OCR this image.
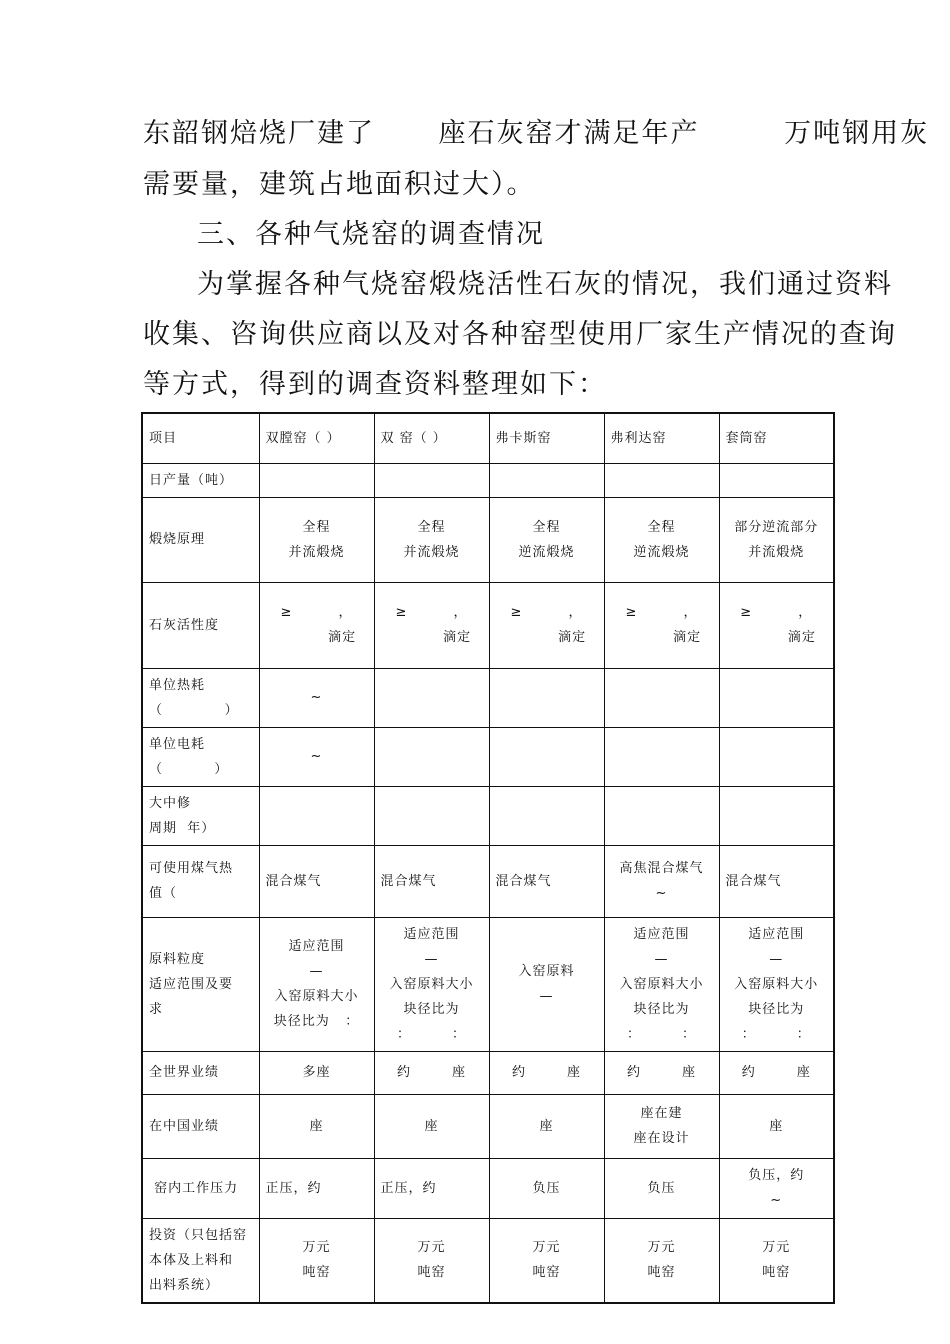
东韶钢焙烧厂建了      座石灰窑才满足年产        万吨钢用灰
需要量，建筑占地面积过大）。
三、各种气烧窑的调查情况
为掌握各种气烧窑煅烧活性石灰的情况，我们通过资料
收集、咨询供应商以及对各种窑型使用厂家生产情况的查询
等方式，得到的调查资料整理如下：
项目	双膛窑（ ）	双 窑（ ）	弗卡斯窑	弗利达窑	套筒窑

日产量（吨）					

煅烧原理	全程
并流煅烧	全程
并流煅烧	全程
逆流煅烧	全程
逆流煅烧	部分逆流部分
并流煅烧

石灰活性度	≥         ，
滴定	≥         ，
滴定	≥         ，
滴定	≥         ，
滴定	≥         ，
滴定

单位热耗
（            ）	~				

单位电耗
（          ）	~				

大中修
周期  年）					

可使用煤气热
值（	混合煤气	混合煤气	混合煤气	高焦混合煤气
~	混合煤气

原料粒度
适应范围及要
求	适应范围
—
入窑原料大小
块径比为   ：	适应范围
—
入窑原料大小
块径比为
：        ：	入窑原料
—	适应范围
—
入窑原料大小
块径比为
：        ：	适应范围
—
入窑原料大小
块径比为
：        ：

全世界业绩	多座	约        座	约        座	约        座	约        座

在中国业绩	座	座	座	座在建
座在设计	座

窑内工作压力	正压，约	正压，约	负压	负压	负压，约
~

投资（只包括窑
本体及上料和
出料系统）	万元
吨窑	万元
吨窑	万元
吨窑	万元
吨窑	万元
吨窑
